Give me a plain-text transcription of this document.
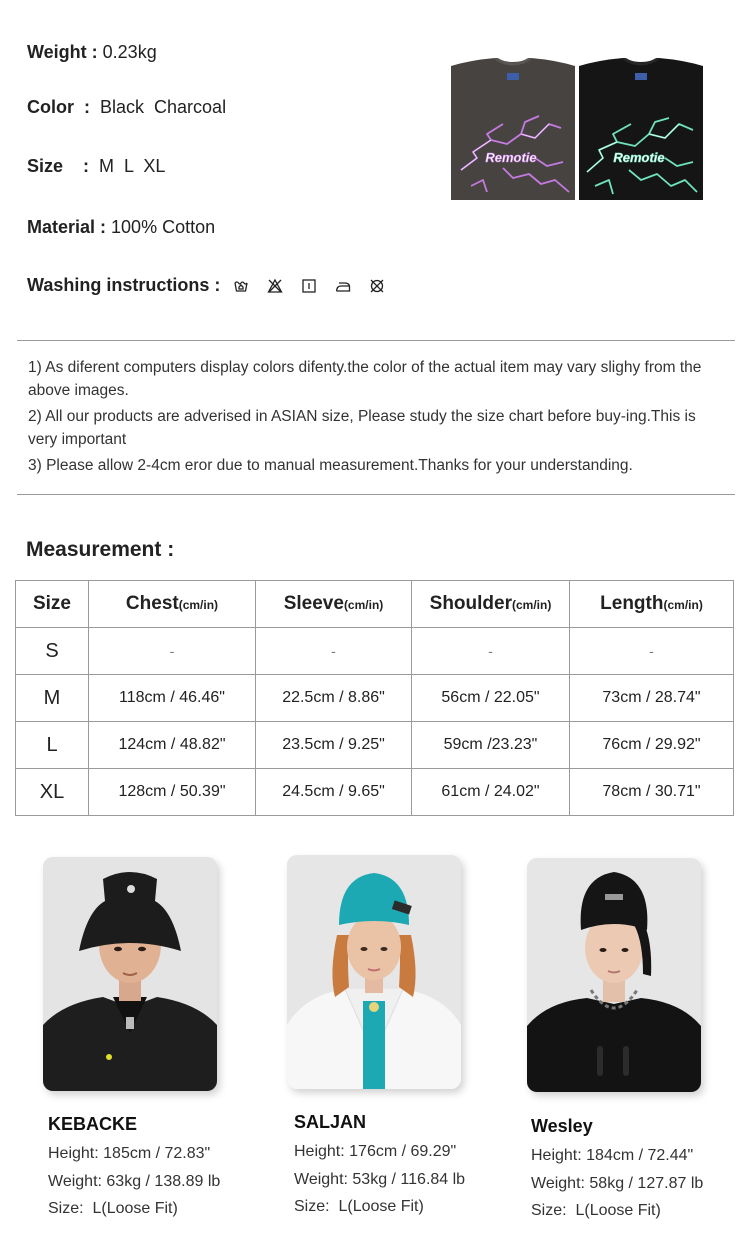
Weight : 0.23kg
Color  :  Black  Charcoal
Size    :  M  L  XL
Material : 100% Cotton
Washing instructions :
Remotie	Remotie

1) As diferent computers display colors difenty.the color of the actual item may vary slighy from the above images.

2) All our products are adverised in ASIAN size, Please study the size chart before buy-ing.This is very important

3) Please allow 2-4cm eror due to manual measurement.Thanks for your understanding.

Measurement :
Size	Chest(cm/in)	Sleeve(cm/in)	Shoulder(cm/in)	Length(cm/in)
S	-	-	-	-
M	118cm / 46.46"	22.5cm / 8.86"	56cm / 22.05"	73cm / 28.74"
L	124cm / 48.82"	23.5cm / 9.25"	59cm /23.23"	76cm / 29.92"
XL	128cm / 50.39"	24.5cm / 9.65"	61cm / 24.02"	78cm / 30.71"
KEBACKE
Height: 185cm / 72.83"
Weight: 63kg / 138.89 lb
Size:  L(Loose Fit)
SALJAN
Height: 176cm / 69.29"
Weight: 53kg / 116.84 lb
Size:  L(Loose Fit)
Wesley
Height: 184cm / 72.44"
Weight: 58kg / 127.87 lb
Size:  L(Loose Fit)
